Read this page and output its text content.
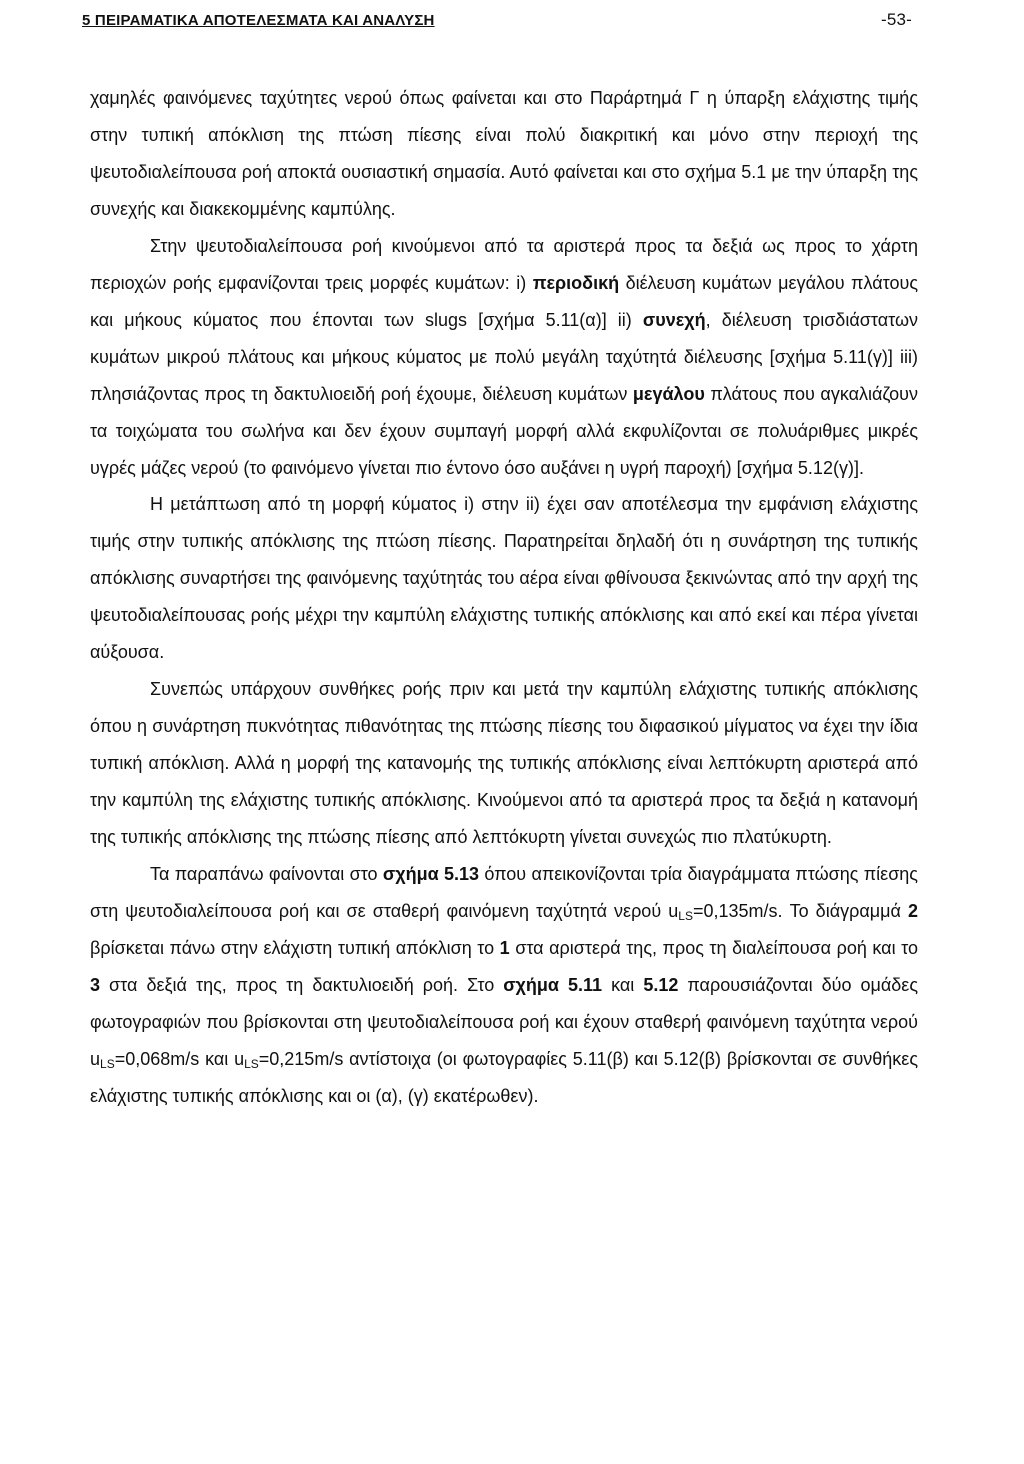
5 ΠΕΙΡΑΜΑΤΙΚΑ ΑΠΟΤΕΛΕΣΜΑΤΑ ΚΑΙ ΑΝΑΛΥΣΗ	-53-

χαμηλές φαινόμενες ταχύτητες νερού όπως φαίνεται και στο Παράρτημά Γ η ύπαρξη ελάχιστης τιμής στην τυπική απόκλιση της πτώση πίεσης είναι πολύ διακριτική και μόνο στην περιοχή της ψευτοδιαλείπουσα ροή αποκτά ουσιαστική σημασία. Αυτό φαίνεται και στο σχήμα 5.1 με την ύπαρξη της συνεχής και διακεκομμένης καμπύλης.

Στην ψευτοδιαλείπουσα ροή κινούμενοι από τα αριστερά προς τα δεξιά ως προς το χάρτη περιοχών ροής εμφανίζονται τρεις μορφές κυμάτων: i) περιοδική διέλευση κυμάτων μεγάλου πλάτους και μήκους κύματος που έπονται των slugs [σχήμα 5.11(α)] ii) συνεχή, διέλευση τρισδιάστατων κυμάτων μικρού πλάτους και μήκους κύματος με πολύ μεγάλη ταχύτητά διέλευσης [σχήμα 5.11(γ)] iii) πλησιάζοντας προς τη δακτυλιοειδή ροή έχουμε, διέλευση κυμάτων μεγάλου πλάτους που αγκαλιάζουν τα τοιχώματα του σωλήνα και δεν έχουν συμπαγή μορφή αλλά εκφυλίζονται σε πολυάριθμες μικρές υγρές μάζες νερού (το φαινόμενο γίνεται πιο έντονο όσο αυξάνει η υγρή παροχή) [σχήμα 5.12(γ)].

Η μετάπτωση από τη μορφή κύματος i) στην ii) έχει σαν αποτέλεσμα την εμφάνιση ελάχιστης τιμής στην τυπικής απόκλισης της πτώση πίεσης. Παρατηρείται δηλαδή ότι η συνάρτηση της τυπικής απόκλισης συναρτήσει της φαινόμενης ταχύτητάς του αέρα είναι φθίνουσα ξεκινώντας από την αρχή της ψευτοδιαλείπουσας ροής μέχρι την καμπύλη ελάχιστης τυπικής απόκλισης και από εκεί και πέρα γίνεται αύξουσα.

Συνεπώς υπάρχουν συνθήκες ροής πριν και μετά την καμπύλη ελάχιστης τυπικής απόκλισης όπου η συνάρτηση πυκνότητας πιθανότητας της πτώσης πίεσης του διφασικού μίγματος να έχει την ίδια τυπική απόκλιση. Αλλά η μορφή της κατανομής της τυπικής απόκλισης είναι λεπτόκυρτη αριστερά από την καμπύλη της ελάχιστης τυπικής απόκλισης. Κινούμενοι από τα αριστερά προς τα δεξιά η κατανομή της τυπικής απόκλισης της πτώσης πίεσης από λεπτόκυρτη γίνεται συνεχώς πιο πλατύκυρτη.

Τα παραπάνω φαίνονται στο σχήμα 5.13 όπου απεικονίζονται τρία διαγράμματα πτώσης πίεσης στη ψευτοδιαλείπουσα ροή και σε σταθερή φαινόμενη ταχύτητά νερού $u_{LS}=0,135m/s$. Το διάγραμμά 2 βρίσκεται πάνω στην ελάχιστη τυπική απόκλιση το 1 στα αριστερά της, προς τη διαλείπουσα ροή και το 3 στα δεξιά της, προς τη δακτυλιοειδή ροή. Στο σχήμα 5.11 και 5.12 παρουσιάζονται δύο ομάδες φωτογραφιών που βρίσκονται στη ψευτοδιαλείπουσα ροή και έχουν σταθερή φαινόμενη ταχύτητα νερού $u_{LS}=0,068m/s$ και $u_{LS}=0,215m/s$ αντίστοιχα (οι φωτογραφίες 5.11(β) και 5.12(β) βρίσκονται σε συνθήκες ελάχιστης τυπικής απόκλισης και οι (α), (γ) εκατέρωθεν).
